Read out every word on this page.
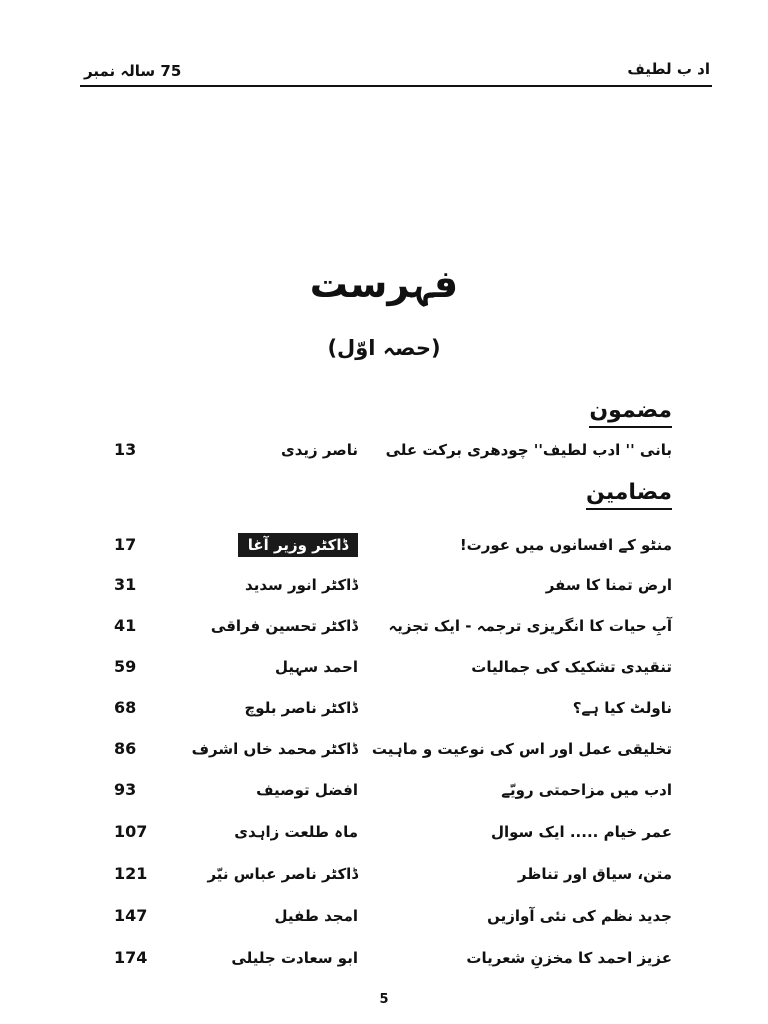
75 سالہ نمبر	اد ب لطیف
فہرست
(حصہ اوّل)
مضمون
بانی '' ادب لطیف'' چودھری برکت علی
ناصر زیدی
13
مضامین
منٹو کے افسانوں میں عورت!
ڈاکٹر وزیر آغا
17
ارض تمنا کا سفر
ڈاکٹر انور سدید
31
آبِ حیات کا انگریزی ترجمہ - ایک تجزیہ
ڈاکٹر تحسین فراقی
41
تنقیدی تشکیک کی جمالیات
احمد سہیل
59
ناولٹ کیا ہے؟
ڈاکٹر ناصر بلوچ
68
تخلیقی عمل اور اس کی نوعیت و ماہیت
ڈاکٹر محمد خاں اشرف
86
ادب میں مزاحمتی رویّے
افضل توصیف
93
عمر خیام ..... ایک سوال
ماہ طلعت زاہدی
107
متن، سیاق اور تناظر
ڈاکٹر ناصر عباس نیّر
121
جدید نظم کی نئی آوازیں
امجد طفیل
147
عزیز احمد کا مخزنِ شعریات
ابو سعادت جلیلی
174
5
